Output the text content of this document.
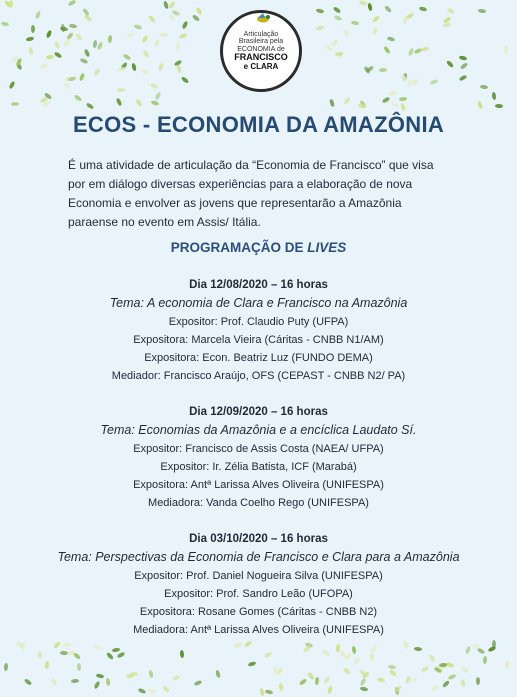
Articulação
Brasileira pela
ECONOMIA de
FRANCISCO
e CLARA
ECOS - ECONOMIA DA AMAZÔNIA

É uma atividade de articulação da “Economia de Francisco” que visa por em diálogo diversas experiências para a elaboração de nova Economia e envolver as jovens que representarão a Amazônia paraense no evento em Assis/ Itália.

PROGRAMAÇÃO DE LIVES
Dia 12/08/2020 – 16 horas
Tema: A economia de Clara e Francisco na Amazônia
Expositor: Prof. Claudio Puty (UFPA)
Expositora: Marcela Vieira (Cáritas - CNBB N1/AM)
Expositora: Econ. Beatriz Luz (FUNDO DEMA)
Mediador: Francisco Araújo, OFS (CEPAST - CNBB N2/ PA)
Dia 12/09/2020 – 16 horas
Tema: Economias da Amazônia e a encíclica Laudato Sí.
Expositor: Francisco de Assis Costa (NAEA/ UFPA)
Expositor: Ir. Zélia Batista, ICF (Marabá)
Expositora: Antª Larissa Alves Oliveira (UNIFESPA)
Mediadora: Vanda Coelho Rego (UNIFESPA)
Dia 03/10/2020 – 16 horas
Tema: Perspectivas da Economia de Francisco e Clara para a Amazônia
Expositor: Prof. Daniel Nogueira Silva (UNIFESPA)
Expositor: Prof. Sandro Leão (UFOPA)
Expositora: Rosane Gomes (Cáritas - CNBB N2)
Mediadora: Antª Larissa Alves Oliveira (UNIFESPA)
